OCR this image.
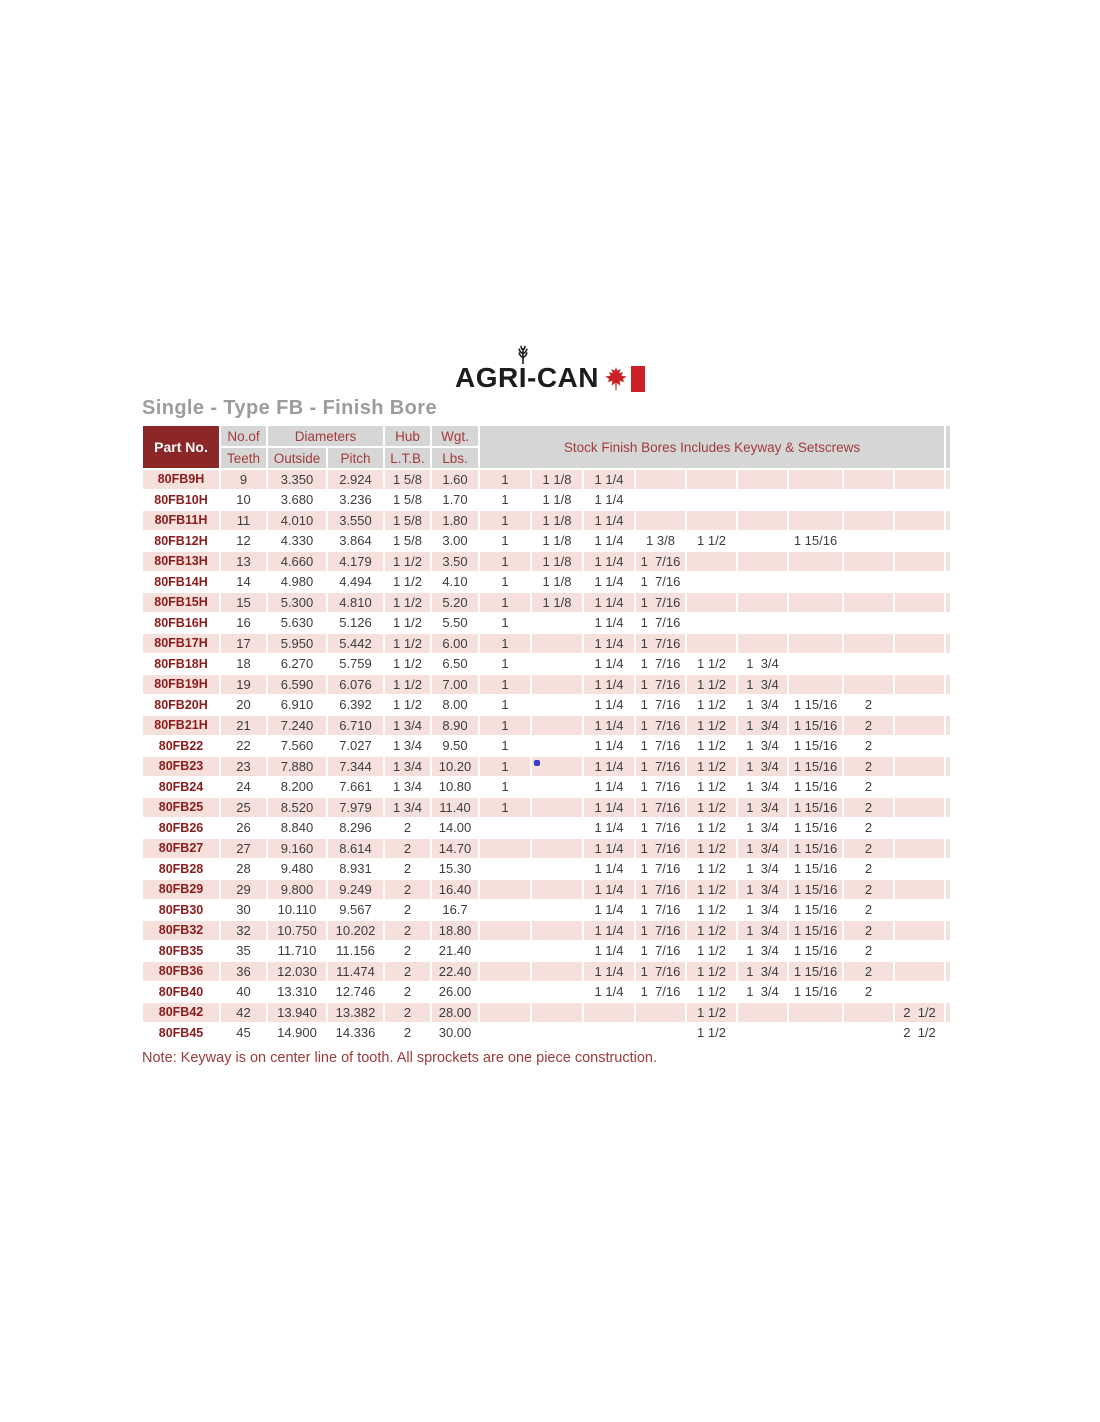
AGR I -CAN
Single - Type FB - Finish Bore
Part No.	No.of	Diameters		Hub	Wgt.	Stock Finish Bores Includes Keyway & Setscrews									
	Teeth	Outside	Pitch	L.T.B.	Lbs.										
80FB9H	9	3.350	2.924	1 5/8	1.60	1	1 1/8	1 1/4							
80FB10H	10	3.680	3.236	1 5/8	1.70	1	1 1/8	1 1/4							
80FB11H	11	4.010	3.550	1 5/8	1.80	1	1 1/8	1 1/4							
80FB12H	12	4.330	3.864	1 5/8	3.00	1	1 1/8	1 1/4	1 3/8	1 1/2		1 15/16			
80FB13H	13	4.660	4.179	1 1/2	3.50	1	1 1/8	1 1/4	1  7/16						
80FB14H	14	4.980	4.494	1 1/2	4.10	1	1 1/8	1 1/4	1  7/16						
80FB15H	15	5.300	4.810	1 1/2	5.20	1	1 1/8	1 1/4	1  7/16						
80FB16H	16	5.630	5.126	1 1/2	5.50	1		1 1/4	1  7/16						
80FB17H	17	5.950	5.442	1 1/2	6.00	1		1 1/4	1  7/16						
80FB18H	18	6.270	5.759	1 1/2	6.50	1		1 1/4	1  7/16	1 1/2	1  3/4				
80FB19H	19	6.590	6.076	1 1/2	7.00	1		1 1/4	1  7/16	1 1/2	1  3/4				
80FB20H	20	6.910	6.392	1 1/2	8.00	1		1 1/4	1  7/16	1 1/2	1  3/4	1 15/16	2		
80FB21H	21	7.240	6.710	1 3/4	8.90	1		1 1/4	1  7/16	1 1/2	1  3/4	1 15/16	2		
80FB22	22	7.560	7.027	1 3/4	9.50	1		1 1/4	1  7/16	1 1/2	1  3/4	1 15/16	2		
80FB23	23	7.880	7.344	1 3/4	10.20	1		1 1/4	1  7/16	1 1/2	1  3/4	1 15/16	2		
80FB24	24	8.200	7.661	1 3/4	10.80	1		1 1/4	1  7/16	1 1/2	1  3/4	1 15/16	2		
80FB25	25	8.520	7.979	1 3/4	11.40	1		1 1/4	1  7/16	1 1/2	1  3/4	1 15/16	2		
80FB26	26	8.840	8.296	2	14.00			1 1/4	1  7/16	1 1/2	1  3/4	1 15/16	2		
80FB27	27	9.160	8.614	2	14.70			1 1/4	1  7/16	1 1/2	1  3/4	1 15/16	2		
80FB28	28	9.480	8.931	2	15.30			1 1/4	1  7/16	1 1/2	1  3/4	1 15/16	2		
80FB29	29	9.800	9.249	2	16.40			1 1/4	1  7/16	1 1/2	1  3/4	1 15/16	2		
80FB30	30	10.110	9.567	2	16.7			1 1/4	1  7/16	1 1/2	1  3/4	1 15/16	2		
80FB32	32	10.750	10.202	2	18.80			1 1/4	1  7/16	1 1/2	1  3/4	1 15/16	2		
80FB35	35	11.710	11.156	2	21.40			1 1/4	1  7/16	1 1/2	1  3/4	1 15/16	2		
80FB36	36	12.030	11.474	2	22.40			1 1/4	1  7/16	1 1/2	1  3/4	1 15/16	2		
80FB40	40	13.310	12.746	2	26.00			1 1/4	1  7/16	1 1/2	1  3/4	1 15/16	2		
80FB42	42	13.940	13.382	2	28.00					1 1/2				2  1/2	
80FB45	45	14.900	14.336	2	30.00					1 1/2				2  1/2	
Note: Keyway is on center line of tooth. All sprockets are one piece construction.
